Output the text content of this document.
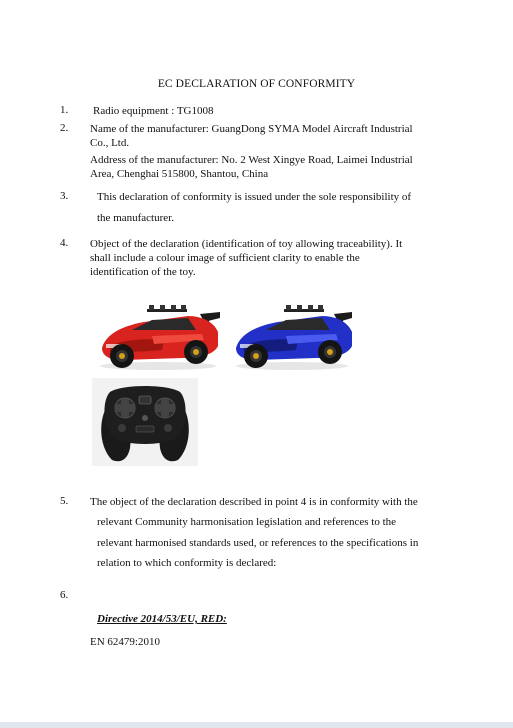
EC DECLARATION OF CONFORMITY
1. Radio equipment : TG1008
2. Name of the manufacturer: GuangDong SYMA Model Aircraft Industrial
Co., Ltd.
Address of the manufacturer: No. 2 West Xingye Road, Laimei Industrial
Area, Chenghai 515800, Shantou, China
3.	This declaration of conformity is issued under the sole responsibility of
the manufacturer.
4. Object of the declaration (identification of toy allowing traceability). It
shall include a colour image of sufficient clarity to enable the
identification of the toy.
5. The object of the declaration described in point 4 is in conformity with the
relevant Community harmonisation legislation and references to the
relevant harmonised standards used, or references to the specifications in
relation to which conformity is declared:
6.
Directive 2014/53/EU, RED:
EN 62479:2010
